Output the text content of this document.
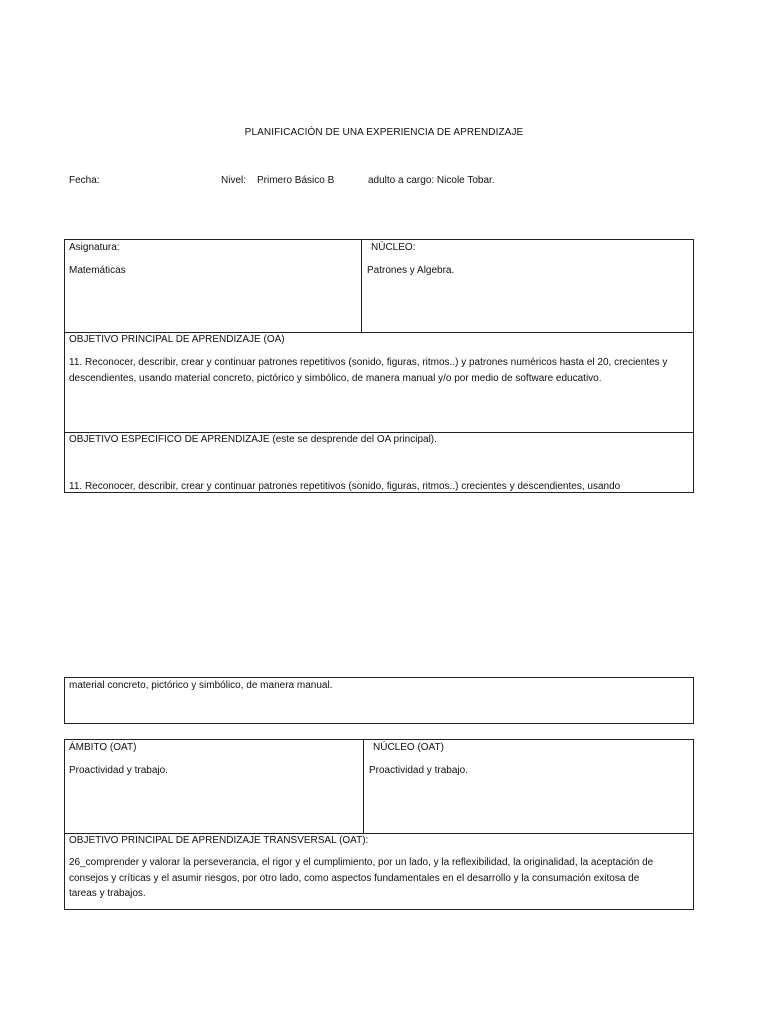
PLANIFICACIÓN DE UNA EXPERIENCIA DE APRENDIZAJE
Fecha:	Nivel: Primero Básico B	adulto a cargo: Nicole Tobar.
Asignatura:
Matemáticas
NÚCLEO:
Patrones y Algebra.
OBJETIVO PRINCIPAL DE APRENDIZAJE (OA)
11. Reconocer, describir, crear y continuar patrones repetitivos (sonido, figuras, ritmos..) y patrones numéricos hasta el 20, crecientes y descendientes, usando material concreto, pictórico y simbólico, de manera manual y/o por medio de software educativo.
OBJETIVO ESPECIFICO DE APRENDIZAJE (este se desprende del OA principal).
11. Reconocer, describir, crear y continuar patrones repetitivos (sonido, figuras, ritmos..) crecientes y descendientes, usando
material concreto, pictórico y simbólico, de manera manual.
ÁMBITO (OAT)
Proactividad y trabajo.
NÚCLEO (OAT)
Proactividad y trabajo.
OBJETIVO PRINCIPAL DE APRENDIZAJE TRANSVERSAL (OAT):
26_comprender y valorar la perseverancia, el rigor y el cumplimiento, por un lado, y la reflexibilidad, la originalidad, la aceptación de consejos y críticas y el asumir riesgos, por otro lado, como aspectos fundamentales en el desarrollo y la consumación exitosa de tareas y trabajos.
